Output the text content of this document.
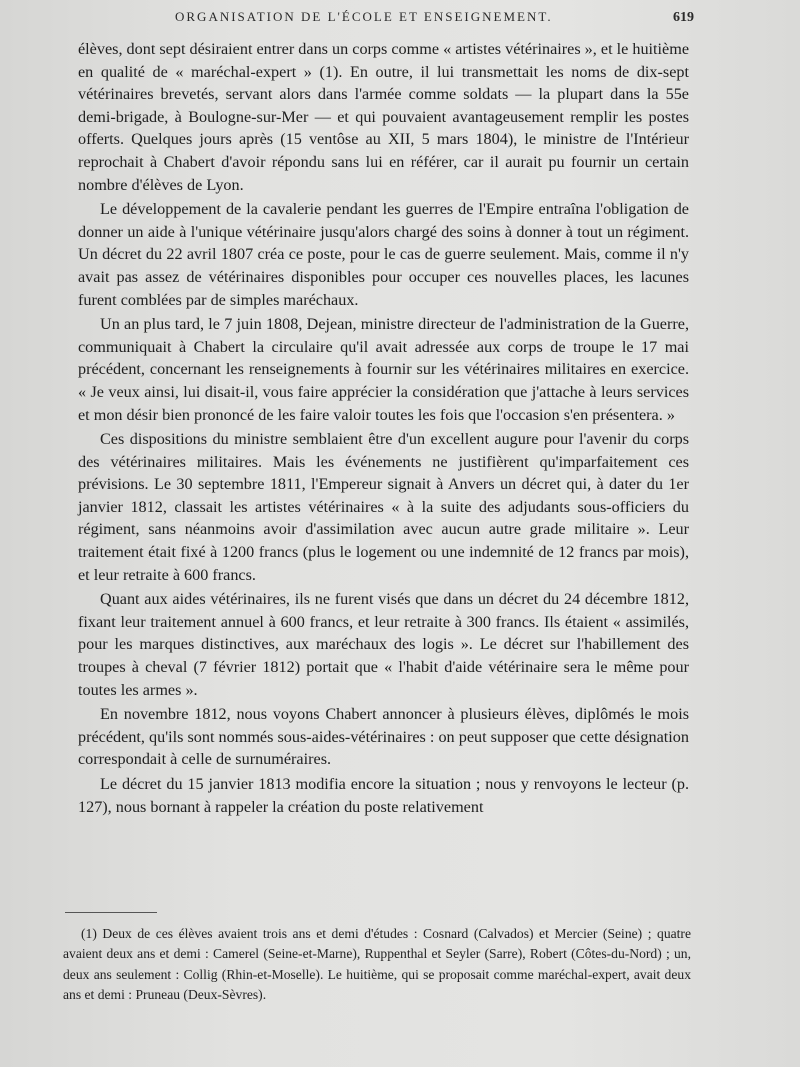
ORGANISATION DE L'ÉCOLE ET ENSEIGNEMENT.	619

élèves, dont sept désiraient entrer dans un corps comme « artistes vétérinaires », et le huitième en qualité de « maréchal-expert » (1). En outre, il lui transmettait les noms de dix-sept vétérinaires brevetés, servant alors dans l'armée comme soldats — la plupart dans la 55e demi-brigade, à Boulogne-sur-Mer — et qui pouvaient avantageusement remplir les postes offerts. Quelques jours après (15 ventôse au XII, 5 mars 1804), le ministre de l'Intérieur reprochait à Chabert d'avoir répondu sans lui en référer, car il aurait pu fournir un certain nombre d'élèves de Lyon.

Le développement de la cavalerie pendant les guerres de l'Empire entraîna l'obligation de donner un aide à l'unique vétérinaire jusqu'alors chargé des soins à donner à tout un régiment. Un décret du 22 avril 1807 créa ce poste, pour le cas de guerre seulement. Mais, comme il n'y avait pas assez de vétérinaires disponibles pour occuper ces nouvelles places, les lacunes furent comblées par de simples maréchaux.

Un an plus tard, le 7 juin 1808, Dejean, ministre directeur de l'administration de la Guerre, communiquait à Chabert la circulaire qu'il avait adressée aux corps de troupe le 17 mai précédent, concernant les renseignements à fournir sur les vétérinaires militaires en exercice. « Je veux ainsi, lui disait-il, vous faire apprécier la considération que j'attache à leurs services et mon désir bien prononcé de les faire valoir toutes les fois que l'occasion s'en présentera. »

Ces dispositions du ministre semblaient être d'un excellent augure pour l'avenir du corps des vétérinaires militaires. Mais les événements ne justifièrent qu'imparfaitement ces prévisions. Le 30 septembre 1811, l'Empereur signait à Anvers un décret qui, à dater du 1er janvier 1812, classait les artistes vétérinaires « à la suite des adjudants sous-officiers du régiment, sans néanmoins avoir d'assimilation avec aucun autre grade militaire ». Leur traitement était fixé à 1200 francs (plus le logement ou une indemnité de 12 francs par mois), et leur retraite à 600 francs.

Quant aux aides vétérinaires, ils ne furent visés que dans un décret du 24 décembre 1812, fixant leur traitement annuel à 600 francs, et leur retraite à 300 francs. Ils étaient « assimilés, pour les marques distinctives, aux maréchaux des logis ». Le décret sur l'habillement des troupes à cheval (7 février 1812) portait que « l'habit d'aide vétérinaire sera le même pour toutes les armes ».

En novembre 1812, nous voyons Chabert annoncer à plusieurs élèves, diplômés le mois précédent, qu'ils sont nommés sous-aides-vétérinaires : on peut supposer que cette désignation correspondait à celle de surnuméraires.

Le décret du 15 janvier 1813 modifia encore la situation ; nous y renvoyons le lecteur (p. 127), nous bornant à rappeler la création du poste relativement

(1) Deux de ces élèves avaient trois ans et demi d'études : Cosnard (Calvados) et Mercier (Seine) ; quatre avaient deux ans et demi : Camerel (Seine-et-Marne), Ruppenthal et Seyler (Sarre), Robert (Côtes-du-Nord) ; un, deux ans seulement : Collig (Rhin-et-Moselle). Le huitième, qui se proposait comme maréchal-expert, avait deux ans et demi : Pruneau (Deux-Sèvres).
